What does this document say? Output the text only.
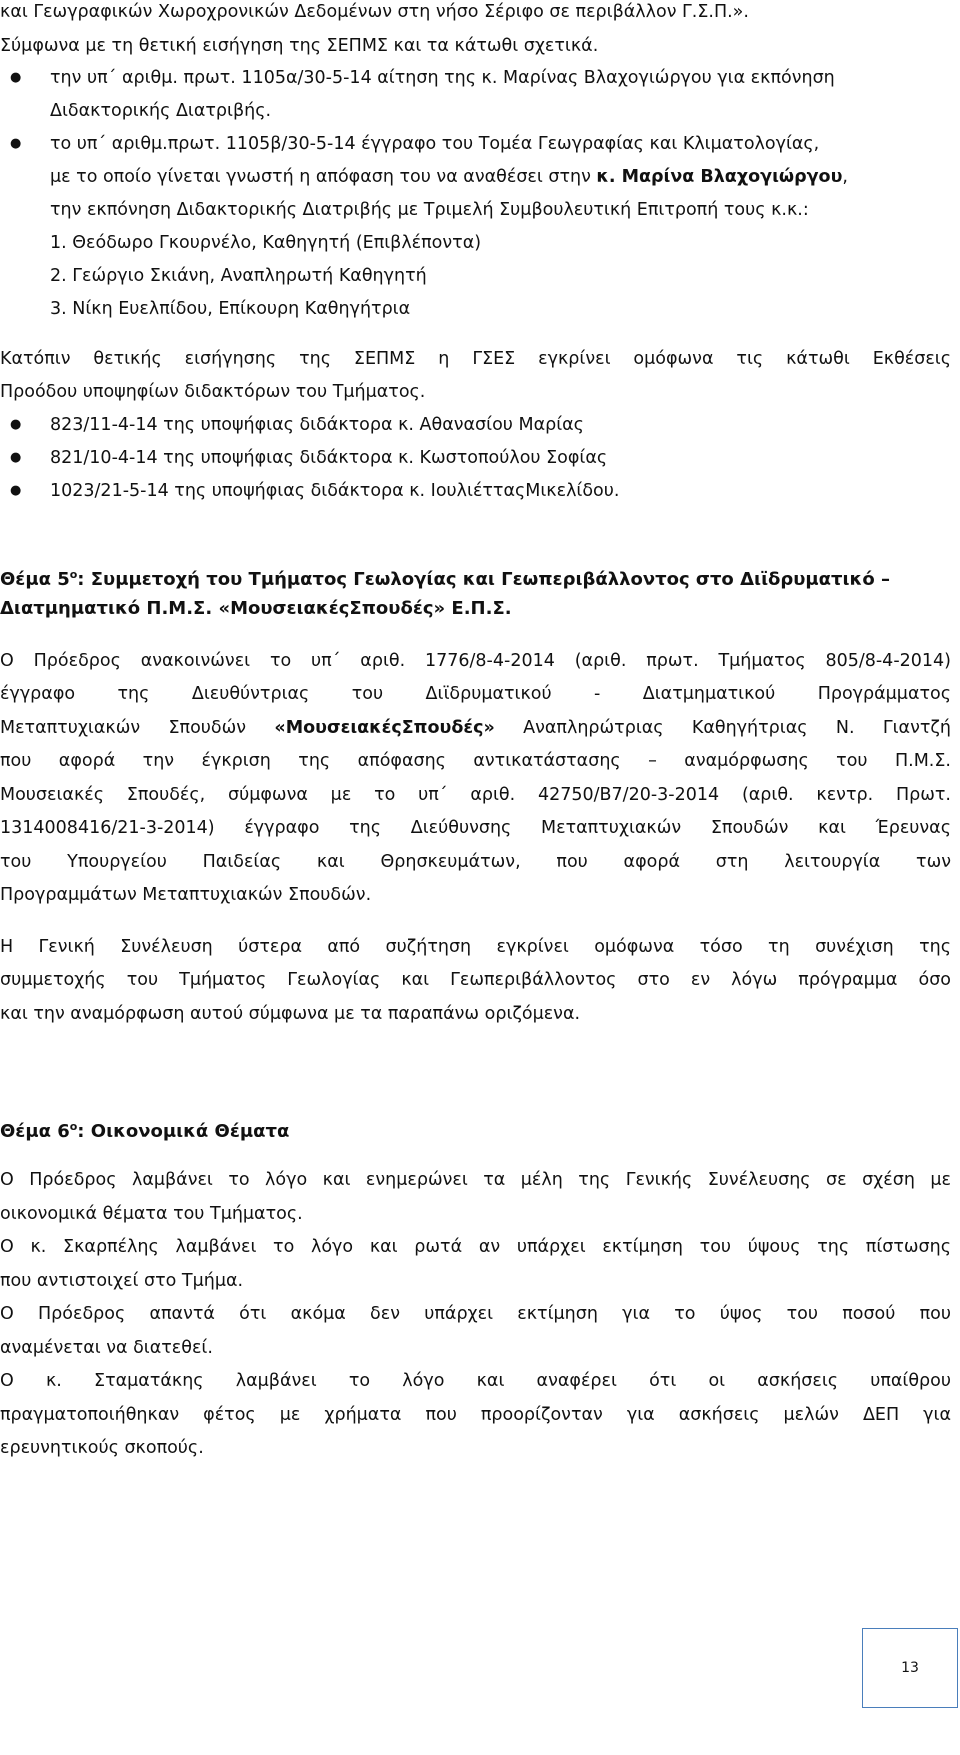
και Γεωγραφικών Χωροχρονικών Δεδομένων στη νήσο Σέριφο σε περιβάλλον Γ.Σ.Π.».
Σύμφωνα με τη θετική εισήγηση της ΣΕΠΜΣ και τα κάτωθι σχετικά.
● την υπ΄ αριθμ. πρωτ. 1105α/30-5-14 αίτηση της κ. Μαρίνας Βλαχογιώργου για εκπόνηση
Διδακτορικής Διατριβής.
● το υπ΄ αριθμ.πρωτ. 1105β/30-5-14 έγγραφο του Τομέα Γεωγραφίας και Κλιματολογίας,
με το οποίο γίνεται γνωστή η απόφαση του να αναθέσει στην κ. Μαρίνα Βλαχογιώργου,
την εκπόνηση Διδακτορικής Διατριβής με Τριμελή Συμβουλευτική Επιτροπή τους κ.κ.:
1. Θεόδωρο Γκουρνέλο, Καθηγητή (Επιβλέποντα)
2. Γεώργιο Σκιάνη, Αναπληρωτή Καθηγητή
3. Νίκη Ευελπίδου, Επίκουρη Καθηγήτρια
Κατόπιν θετικής εισήγησης της ΣΕΠΜΣ η ΓΣΕΣ εγκρίνει ομόφωνα τις κάτωθι Εκθέσεις
Προόδου υποψηφίων διδακτόρων του Τμήματος.
● 823/11-4-14 της υποψήφιας διδάκτορα κ. Αθανασίου Μαρίας
● 821/10-4-14 της υποψήφιας διδάκτορα κ. Κωστοπούλου Σοφίας
● 1023/21-5-14 της υποψήφιας διδάκτορα κ. ΙουλιέτταςΜικελίδου.
Θέμα $5^o$: Συμμετοχή του Τμήματος Γεωλογίας και Γεωπεριβάλλοντος στο Διϊδρυματικό –
Διατμηματικό Π.Μ.Σ. «ΜουσειακέςΣπουδές» Ε.Π.Σ.
Ο Πρόεδρος ανακοινώνει το υπ΄ αριθ. 1776/8-4-2014 (αριθ. πρωτ. Τμήματος 805/8-4-2014)
έγγραφο της Διευθύντριας του Διϊδρυματικού - Διατμηματικού Προγράμματος
Μεταπτυχιακών Σπουδών «ΜουσειακέςΣπουδές» Αναπληρώτριας Καθηγήτριας Ν. Γιαντζή
που αφορά την έγκριση της απόφασης αντικατάστασης – αναμόρφωσης του Π.Μ.Σ.
Μουσειακές Σπουδές, σύμφωνα με το υπ΄ αριθ. 42750/Β7/20-3-2014 (αριθ. κεντρ. Πρωτ.
1314008416/21-3-2014) έγγραφο της Διεύθυνσης Μεταπτυχιακών Σπουδών και Έρευνας
του Υπουργείου Παιδείας και Θρησκευμάτων, που αφορά στη λειτουργία των
Προγραμμάτων Μεταπτυχιακών Σπουδών.
Η Γενική Συνέλευση ύστερα από συζήτηση εγκρίνει ομόφωνα τόσο τη συνέχιση της
συμμετοχής του Τμήματος Γεωλογίας και Γεωπεριβάλλοντος στο εν λόγω πρόγραμμα όσο
και την αναμόρφωση αυτού σύμφωνα με τα παραπάνω οριζόμενα.
Θέμα $6^o$: Οικονομικά Θέματα
Ο Πρόεδρος λαμβάνει το λόγο και ενημερώνει τα μέλη της Γενικής Συνέλευσης σε σχέση με
οικονομικά θέματα του Τμήματος.
Ο κ. Σκαρπέλης λαμβάνει το λόγο και ρωτά αν υπάρχει εκτίμηση του ύψους της πίστωσης
που αντιστοιχεί στο Τμήμα.
Ο Πρόεδρος απαντά ότι ακόμα δεν υπάρχει εκτίμηση για το ύψος του ποσού που
αναμένεται να διατεθεί.
Ο κ. Σταματάκης λαμβάνει το λόγο και αναφέρει ότι οι ασκήσεις υπαίθρου
πραγματοποιήθηκαν φέτος με χρήματα που προορίζονταν για ασκήσεις μελών ΔΕΠ για
ερευνητικούς σκοπούς.
13
